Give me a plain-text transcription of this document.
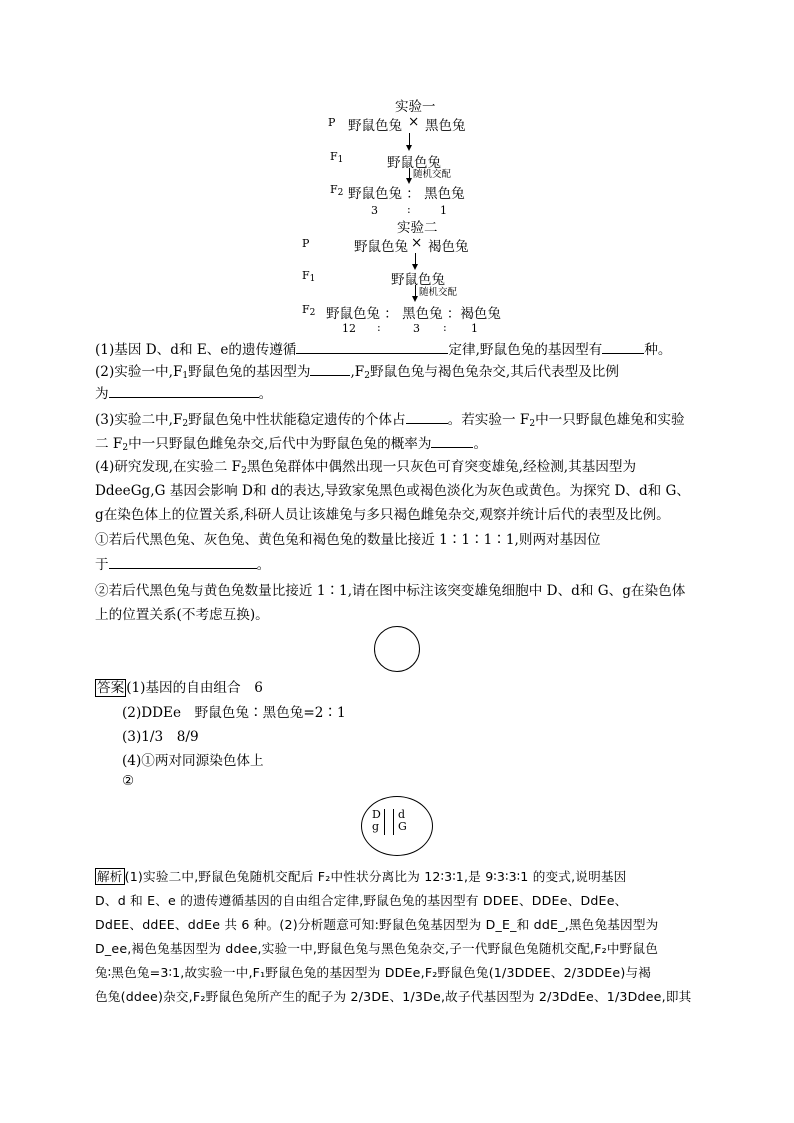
实验一
P 野鼠色兔 × 黑色兔
$F_1$	野鼠色兔
随机交配
$F_2$ 野鼠色兔 ： 黑色兔
3	:	1
实验二
P	野鼠色兔 × 褐色兔
$F_1$	野鼠色兔
随机交配
$F_2$ 野鼠色兔 ： 黑色兔 ：褐色兔
12 :	3 : 1
(1)基因 D、d和 E、e的遗传遵循	定律,野鼠色兔的基因型有	种。
(2)实验一中$,F_1$野鼠色兔的基因型为	$,F_2$野鼠色兔与褐色兔杂交,其后代表型及比例
为	。
(3)实验二中$,F_2$野鼠色兔中性状能稳定遗传的个体占	。若实验一 $F_2$中一只野鼠色雄兔和实验
二 $F_2$中一只野鼠色雌兔杂交,后代中为野鼠色兔的概率为	。
(4)研究发现,在实验二 $F_2$黑色兔群体中偶然出现一只灰色可育突变雄兔,经检测,其基因型为
DdeeGg,G 基因会影响 D和 d的表达,导致家兔黑色或褐色淡化为灰色或黄色。为探究 D、d和 G、
g在染色体上的位置关系,科研人员让该雄兔与多只褐色雌兔杂交,观察并统计后代的表型及比例。
①若后代黑色兔、灰色兔、黄色兔和褐色兔的数量比接近 1∶1∶1∶1,则两对基因位
于	。
②若后代黑色兔与黄色兔数量比接近 1∶1,请在图中标注该突变雄兔细胞中 D、d和 G、g在染色体
上的位置关系(不考虑互换)。
答案 (1)基因的自由组合　6
(2)DDEe　野鼠色兔∶黑色兔=2∶1
(3)1/3　8/9
(4)①两对同源染色体上
②
D
g
d
G
解析 (1)实验二中,野鼠色兔随机交配后 F₂中性状分离比为 12∶3∶1,是 9∶3∶3∶1 的变式,说明基因
D、d 和 E、e 的遗传遵循基因的自由组合定律,野鼠色兔的基因型有 DDEE、DDEe、DdEe、
DdEE、ddEE、ddEe 共 6 种。(2)分析题意可知:野鼠色兔基因型为 D_E_和 ddE_,黑色兔基因型为
D_ee,褐色兔基因型为 ddee,实验一中,野鼠色兔与黑色兔杂交,子一代野鼠色兔随机交配,F₂中野鼠色
兔∶黑色兔=3∶1,故实验一中,F₁野鼠色兔的基因型为 DDEe,F₂野鼠色兔(1/3DDEE、2/3DDEe)与褐
色兔(ddee)杂交,F₂野鼠色兔所产生的配子为 2/3DE、1/3De,故子代基因型为 2/3DdEe、1/3Ddee,即其
